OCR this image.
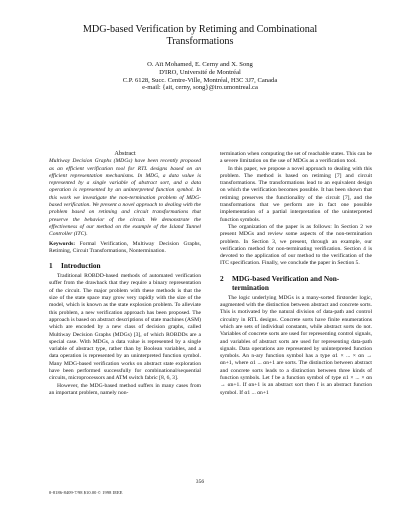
MDG-based Verification by Retiming and Combinational
Transformations
O. Aït Mohamed, E. Cerny and X. Song
D'IRO, Université de Montréal
C.P. 6128, Succ. Centre-Ville, Montréal, H3C 3J7, Canada
e-mail: {ait, cerny, song}@iro.umontreal.ca
Abstract
Multiway Decision Graphs (MDGs) have been recently proposed as an efficient verification tool for RTL designs based on an efficient representation mechanisms. In MDG, a data value is represented by a single variable of abstract sort, and a data operation is represented by an uninterpreted function symbol. In this work we investigate the non-termination problem of MDG-based verification. We present a novel approach to dealing with the problem based on retiming and circuit transformations that preserve the behavior of the circuit. We demonstrate the effectiveness of our method on the example of the Island Tunnel Controller (ITC).
Keywords: Formal Verification, Multiway Decision Graphs, Retiming, Circuit Transformations, Nontermination.
1 Introduction
Traditional ROBDD-based methods of automated verification suffer from the drawback that they require a binary representation of the circuit. The major problem with these methods is that the size of the state space may grow very rapidly with the size of the model, which is known as the state explosion problem. To alleviate this problem, a new verification approach has been proposed. The approach is based on abstract descriptions of state machines (ASM) which are encoded by a new class of decision graphs, called Multiway Decision Graphs (MDGs) [3], of which ROBDDs are a special case. With MDGs, a data value is represented by a single variable of abstract type, rather than by Boolean variables, and a data operation is represented by an uninterpreted function symbol. Many MDG-based verification works on abstract state exploration have been performed successfully for combinational/sequential circuits, microprocessors and ATM switch fabric [8, 6, 3].
However, the MDG-based method suffers in many cases from an important problem, namely non-
termination when computing the set of reachable states. This can be a severe limitation on the use of MDGs as a verification tool.
In this paper, we propose a novel approach to dealing with this problem. The method is based on retiming [7] and circuit transformations. The transformations lead to an equivalent design on which the verification becomes possible. It has been shown that retiming preserves the functionality of the circuit [7], and the transformations that we perform are in fact one possible implementation of a partial interpretation of the uninterpreted function symbols.
The organization of the paper is as follows: In Section 2 we present MDGs and review some aspects of the non-termination problem. In Section 3, we present, through an example, our verification method for non-terminating verification. Section 4 is devoted to the application of our method to the verification of the ITC specification. Finally, we conclude the paper in Section 5.
2 MDG-based Verification and Non-
termination
The logic underlying MDGs is a many-sorted firstorder logic, augmented with the distinction between abstract and concrete sorts. This is motivated by the natural division of data-path and control circuitry in RTL designs. Concrete sorts have finite enumerations which are sets of individual constants, while abstract sorts do not. Variables of concrete sorts are used for representing control signals, and variables of abstract sorts are used for representing data-path signals. Data operations are represented by uninterpreted function symbols. An n-ary function symbol has a type α1 × ... × αn → αn+1, where α1 ... αn+1 are sorts. The distinction between abstract and concrete sorts leads to a distinction between three kinds of function symbols. Let f be a function symbol of type α1 × ... × αn → αn+1. If αn+1 is an abstract sort then f is an abstract function symbol. If α1 ... αn+1
356
0-8186-8409-7/98 $10.00 © 1998 IEEE
